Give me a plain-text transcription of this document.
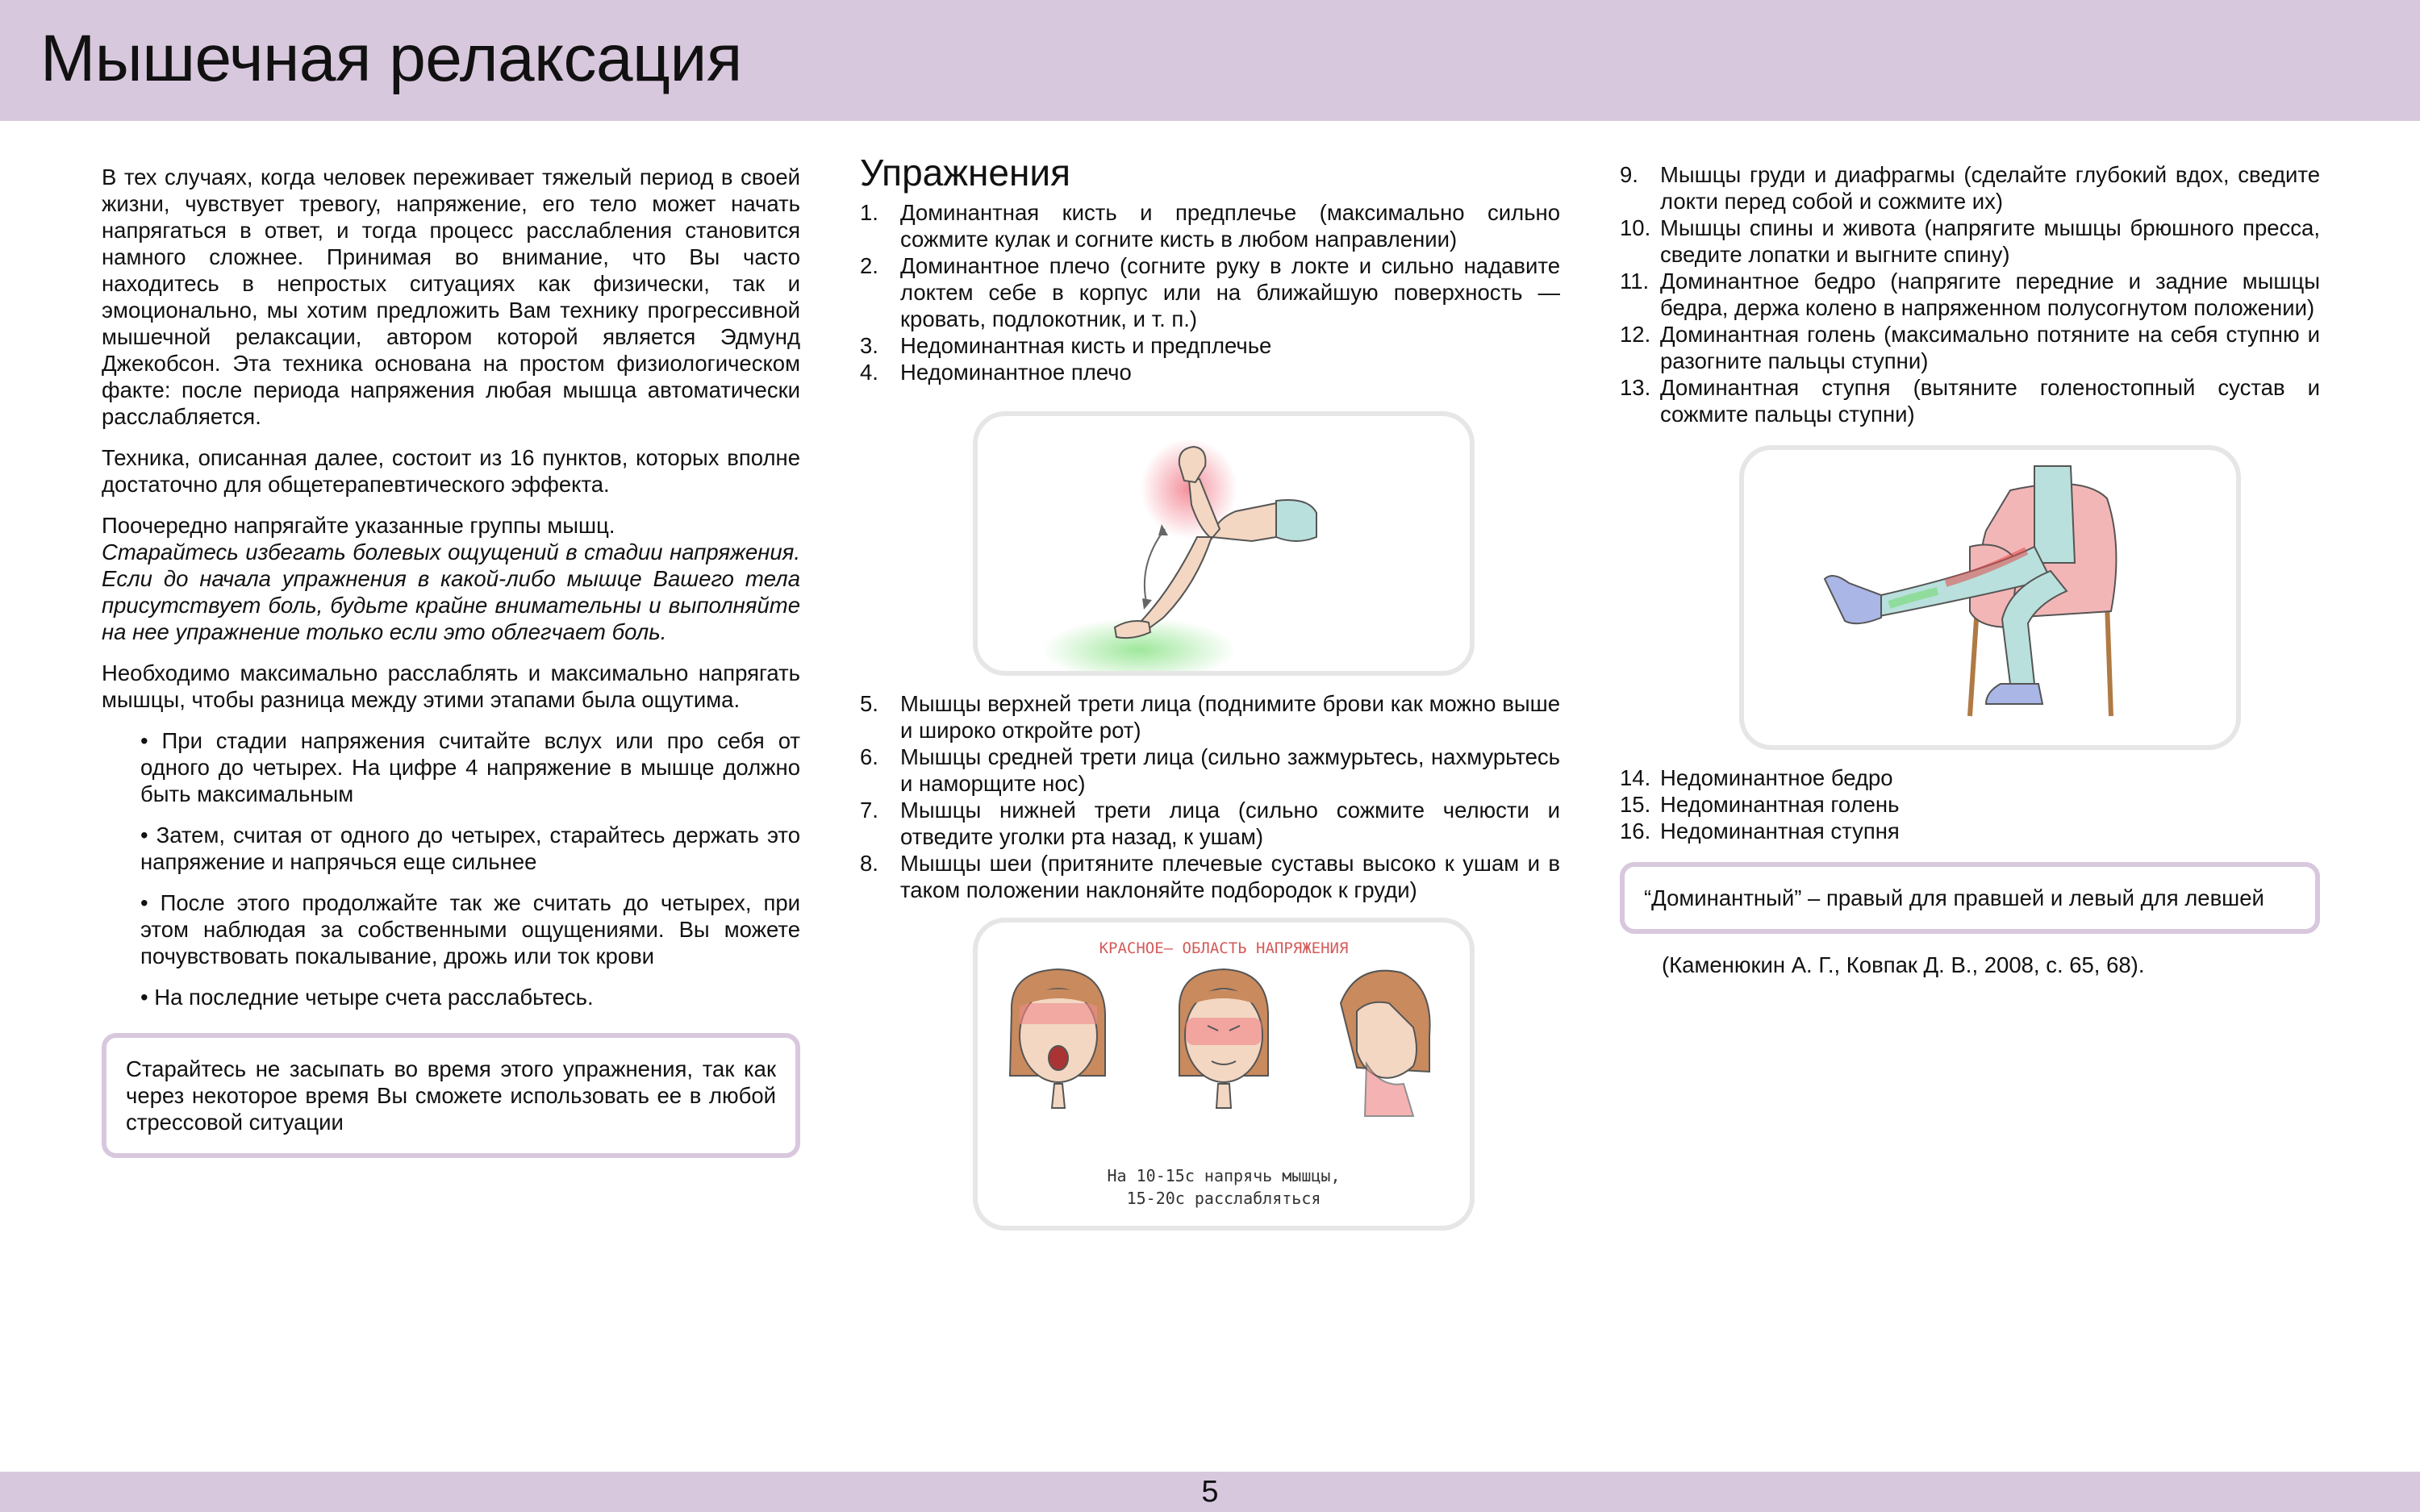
Мышечная релаксация

В тех случаях, когда человек переживает тяжелый период в своей жизни, чувствует тревогу, напряжение, его тело может начать напрягаться в ответ, и тогда процесс расслабления становится намного сложнее. Принимая во внимание, что Вы часто находитесь в непростых ситуациях как физически, так и эмоционально, мы хотим предложить Вам технику прогрессивной мышечной релаксации, автором которой является Эдмунд Джекобсон. Эта техника основана на простом физиологическом факте: после периода напряжения любая мышца автоматически расслабляется.

Техника, описанная далее, состоит из 16 пунктов, которых вполне достаточно для общетерапевтического эффекта.

Поочередно напрягайте указанные группы мышц.
Старайтесь избегать болевых ощущений в стадии напряжения. Если до начала упражнения в какой-либо мышце Вашего тела присутствует боль, будьте крайне внимательны и выполняйте на нее упражнение только если это облегчает боль.

Необходимо максимально расслаблять и максимально напрягать мышцы, чтобы разница между этими этапами была ощутима.

• При стадии напряжения считайте вслух или про себя от одного до четырех. На цифре 4 напряжение в мышце должно быть максимальным

• Затем, считая от одного до четырех, старайтесь держать это напряжение и напрячься еще сильнее

• После этого продолжайте так же считать до четырех, при этом наблюдая за собственными ощущениями. Вы можете почувствовать покалывание, дрожь или ток крови

• На последние четыре счета расслабьтесь.

Старайтесь не засыпать во время этого упражнения, так как через некоторое время Вы сможете использовать ее в любой стрессовой ситуации
Упражнения
1. Доминантная кисть и предплечье (максимально сильно сожмите кулак и согните кисть в любом направлении)
2. Доминантное плечо (согните руку в локте и сильно надавите локтем себе в корпус или на ближайшую поверхность — кровать, подлокотник, и т. п.)
3. Недоминантная кисть и предплечье
4. Недоминантное плечо
5. Мышцы верхней трети лица (поднимите брови как можно выше и широко откройте рот)
6. Мышцы средней трети лица (сильно зажмурьтесь, нахмурьтесь и наморщите нос)
7. Мышцы нижней трети лица (сильно сожмите челюсти и отведите уголки рта назад, к ушам)
8. Мышцы шеи (притяните плечевые суставы высоко к ушам и в таком положении наклоняйте подбородок к груди)
КРАСНОЕ— ОБЛАСТЬ НАПРЯЖЕНИЯ
На 10-15с напрячь мышцы,
15-20с расслабляться
9. Мышцы груди и диафрагмы (сделайте глубокий вдох, сведите локти перед собой и сожмите их)
10. Мышцы спины и живота (напрягите мышцы брюшного пресса, сведите лопатки и выгните спину)
11. Доминантное бедро (напрягите передние и задние мышцы бедра, держа колено в напряженном полусогнутом положении)
12. Доминантная голень (максимально потяните на себя ступню и разогните пальцы ступни)
13. Доминантная ступня (вытяните голеностопный сустав и сожмите пальцы ступни)
14. Недоминантное бедро
15. Недоминантная голень
16. Недоминантная ступня
“Доминантный” – правый для правшей и левый для левшей
(Каменюкин А. Г., Ковпак Д. В., 2008, с. 65, 68).
5
